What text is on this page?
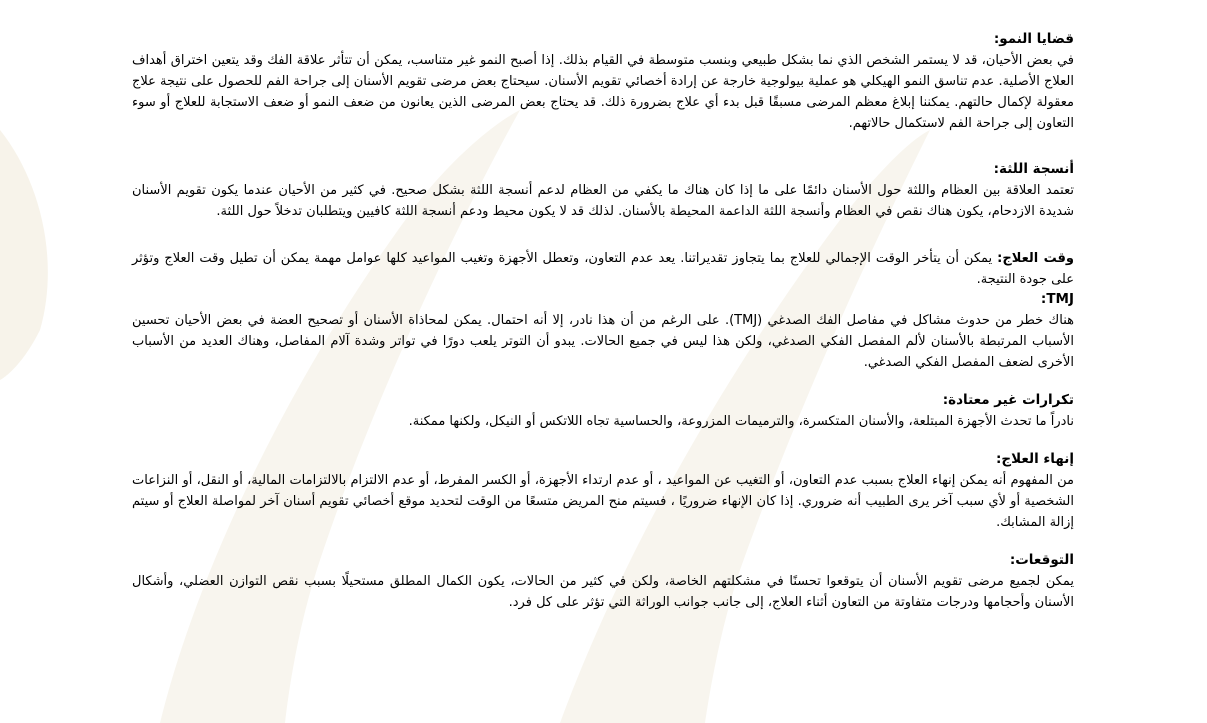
قضايا النمو:

في بعض الأحيان، قد لا يستمر الشخص الذي نما بشكل طبيعي وبنسب متوسطة في القيام بذلك. إذا أصبح النمو غير متناسب، يمكن أن تتأثر علاقة الفك وقد يتعين اختراق أهداف العلاج الأصلية. عدم تناسق النمو الهيكلي هو عملية بيولوجية خارجة عن إرادة أخصائي تقويم الأسنان. سيحتاج بعض مرضى تقويم الأسنان إلى جراحة الفم للحصول على نتيجة علاج معقولة لإكمال حالتهم. يمكننا إبلاغ معظم المرضى مسبقًا قبل بدء أي علاج بضرورة ذلك. قد يحتاج بعض المرضى الذين يعانون من ضعف النمو أو ضعف الاستجابة للعلاج أو سوء التعاون إلى جراحة الفم لاستكمال حالاتهم.

أنسجة اللثة:

تعتمد العلاقة بين العظام واللثة حول الأسنان دائمًا على ما إذا كان هناك ما يكفي من العظام لدعم أنسجة اللثة بشكل صحيح. في كثير من الأحيان عندما يكون تقويم الأسنان شديدة الازدحام، يكون هناك نقص في العظام وأنسجة اللثة الداعمة المحيطة بالأسنان. لذلك قد لا يكون محيط ودعم أنسجة اللثة كافيين ويتطلبان تدخلاً حول اللثة.

وقت العلاج: يمكن أن يتأخر الوقت الإجمالي للعلاج بما يتجاوز تقديراتنا. يعد عدم التعاون، وتعطل الأجهزة وتغيب المواعيد كلها عوامل مهمة يمكن أن تطيل وقت العلاج وتؤثر على جودة النتيجة.

TMJ:

هناك خطر من حدوث مشاكل في مفاصل الفك الصدغي (TMJ). على الرغم من أن هذا نادر، إلا أنه احتمال. يمكن لمحاذاة الأسنان أو تصحيح العضة في بعض الأحيان تحسين الأسباب المرتبطة بالأسنان لألم المفصل الفكي الصدغي، ولكن هذا ليس في جميع الحالات. يبدو أن التوتر يلعب دورًا في تواتر وشدة آلام المفاصل، وهناك العديد من الأسباب الأخرى لضعف المفصل الفكي الصدغي.

تكرارات غير معتادة:

نادراً ما تحدث الأجهزة المبتلعة، والأسنان المتكسرة، والترميمات المزروعة، والحساسية تجاه اللاتكس أو النيكل، ولكنها ممكنة.

إنهاء العلاج:

من المفهوم أنه يمكن إنهاء العلاج بسبب عدم التعاون، أو التغيب عن المواعيد ، أو عدم ارتداء الأجهزة، أو الكسر المفرط، أو عدم الالتزام بالالتزامات المالية، أو النقل، أو النزاعات الشخصية أو لأي سبب آخر يرى الطبيب أنه ضروري. إذا كان الإنهاء ضروريًا ، فسيتم منح المريض متسعًا من الوقت لتحديد موقع أخصائي تقويم أسنان آخر لمواصلة العلاج أو سيتم إزالة المشابك.

التوقعات:

يمكن لجميع مرضى تقويم الأسنان أن يتوقعوا تحسنًا في مشكلتهم الخاصة، ولكن في كثير من الحالات، يكون الكمال المطلق مستحيلًا بسبب نقص التوازن العضلي، وأشكال الأسنان وأحجامها ودرجات متفاوتة من التعاون أثناء العلاج، إلى جانب جوانب الوراثة التي تؤثر على كل فرد.
